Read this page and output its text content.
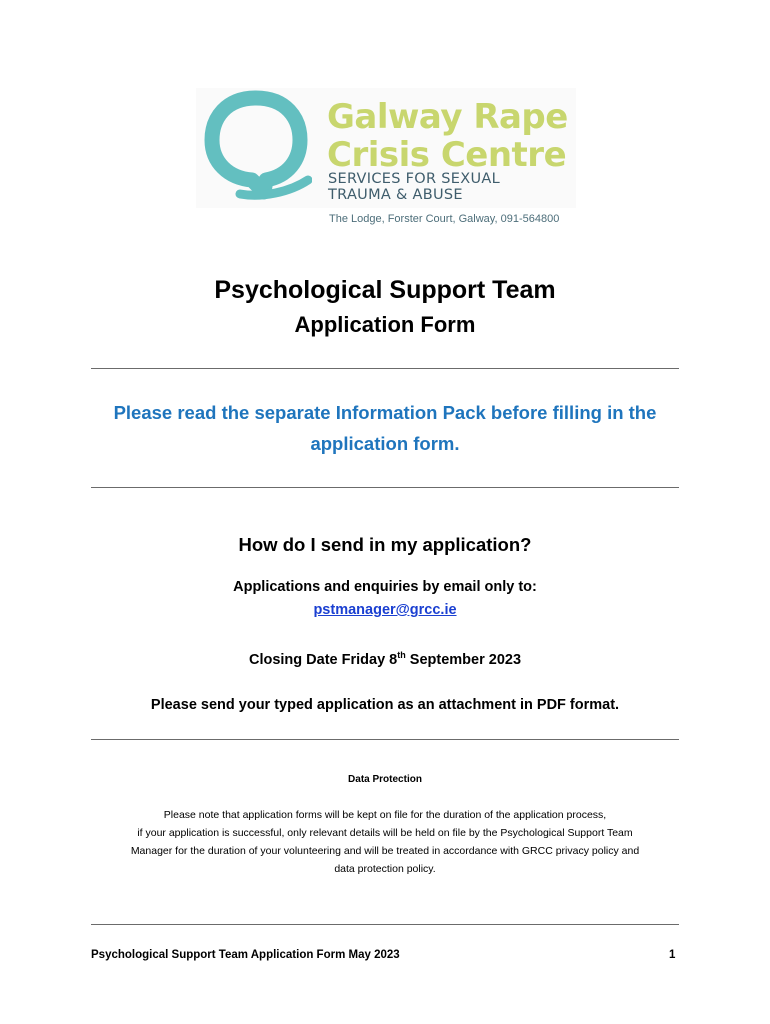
Galway Rape
Crisis Centre
SERVICES FOR SEXUAL
TRAUMA & ABUSE
The Lodge, Forster Court, Galway, 091-564800
Psychological Support Team
Application Form
Please read the separate Information Pack before filling in the application form.
How do I send in my application?
Applications and enquiries by email only to:
pstmanager@grcc.ie
Closing Date Friday 8th September 2023
Please send your typed application as an attachment in PDF format.
Data Protection
Please note that application forms will be kept on file for the duration of the application process,
if your application is successful, only relevant details will be held on file by the Psychological Support Team
Manager for the duration of your volunteering and will be treated in accordance with GRCC privacy policy and
data protection policy.
Psychological Support Team Application Form May 2023	1
